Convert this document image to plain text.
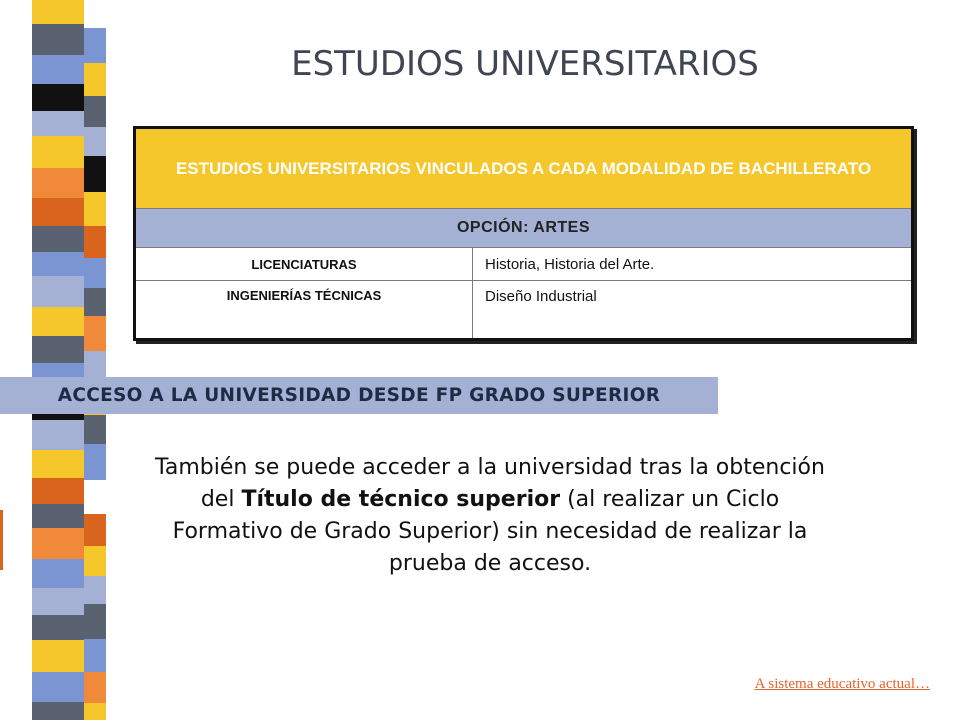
ESTUDIOS UNIVERSITARIOS
ESTUDIOS UNIVERSITARIOS VINCULADOS A CADA MODALIDAD DE BACHILLERATO	
OPCIÓN: ARTES	
LICENCIATURAS	Historia, Historia del Arte.
INGENIERÍAS TÉCNICAS	Diseño Industrial
ACCESO A LA UNIVERSIDAD DESDE FP GRADO SUPERIOR
También se puede acceder a la universidad tras la obtención del Título de técnico superior (al realizar un Ciclo Formativo de Grado Superior) sin necesidad de realizar la prueba de acceso.
A sistema educativo actual…
